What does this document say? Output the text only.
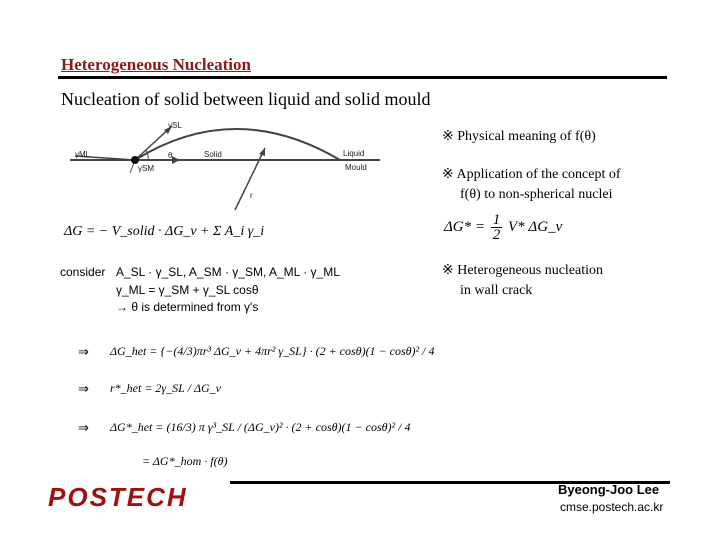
Heterogeneous Nucleation
Nucleation of solid between liquid and solid mould
γSL
γML
γSM
θ	Solid	Liquid
Mould
r
※ Physical meaning of f(θ)
※ Application of the concept of
f(θ) to non-spherical nuclei
※ Heterogeneous nucleation
in wall crack
$\Delta G* = \frac{1}{2} V*$ ΔG_v
ΔG = − V_solid · ΔG_v + Σ A_i γ_i
consider A_SL · γ_SL, A_SM · γ_SM, A_ML · γ_ML
γ_ML = γ_SM + γ_SL cosθ
→ θ is determined from γ's
⇒ ΔG_het = {−(4/3)πr³ ΔG_v + 4πr² γ_SL} · (2 + cosθ)(1 − cosθ)² / 4
⇒ r*_het = 2γ_SL / ΔG_v
⇒ ΔG*_het = (16/3) π γ³_SL / (ΔG_v)² · (2 + cosθ)(1 − cosθ)² / 4
= ΔG*_hom · f(θ)
POSTECH	Byeong-Joo Lee
cmse.postech.ac.kr
